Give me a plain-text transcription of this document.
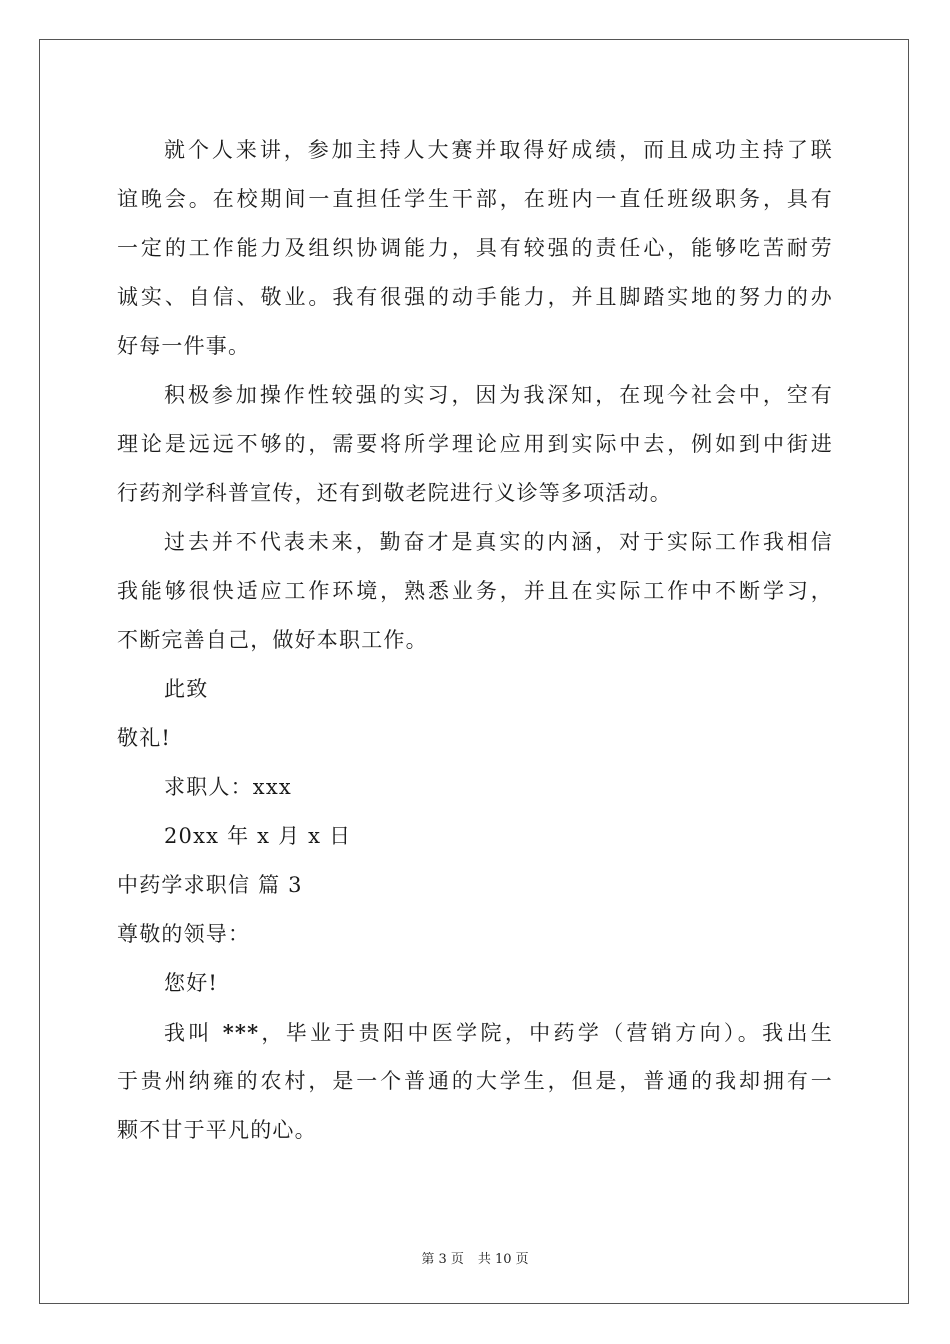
就个人来讲，参加主持人大赛并取得好成绩，而且成功主持了联
谊晚会。在校期间一直担任学生干部，在班内一直任班级职务，具有
一定的工作能力及组织协调能力，具有较强的责任心，能够吃苦耐劳
诚实、自信、敬业。我有很强的动手能力，并且脚踏实地的努力的办
好每一件事。
积极参加操作性较强的实习，因为我深知，在现今社会中，空有
理论是远远不够的，需要将所学理论应用到实际中去，例如到中街进
行药剂学科普宣传，还有到敬老院进行义诊等多项活动。
过去并不代表未来，勤奋才是真实的内涵，对于实际工作我相信
我能够很快适应工作环境，熟悉业务，并且在实际工作中不断学习，
不断完善自己，做好本职工作。
此致
敬礼!
求职人：xxx
20xx 年 x 月 x 日
中药学求职信 篇 3
尊敬的领导：
您好!
我叫 ***，毕业于贵阳中医学院，中药学（营销方向）。我出生
于贵州纳雍的农村，是一个普通的大学生，但是，普通的我却拥有一
颗不甘于平凡的心。
第 3 页 共 10 页
